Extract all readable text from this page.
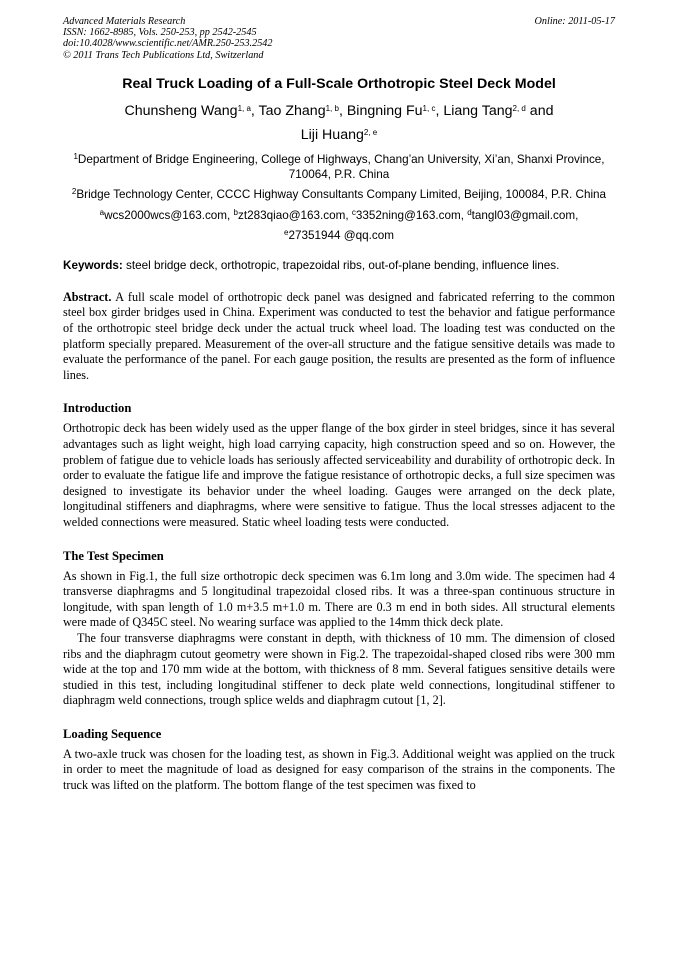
Advanced Materials Research
ISSN: 1662-8985, Vols. 250-253, pp 2542-2545
doi:10.4028/www.scientific.net/AMR.250-253.2542
© 2011 Trans Tech Publications Ltd, Switzerland
Online: 2011-05-17
Real Truck Loading of a Full-Scale Orthotropic Steel Deck Model
Chunsheng Wang$^{1, a}$, Tao Zhang$^{1, b}$, Bingning Fu$^{1, c}$, Liang Tang$^{2, d}$ and
Liji Huang$^{2, e}$
$^1$Department of Bridge Engineering, College of Highways, Chang’an University, Xi’an, Shanxi Province, 710064, P.R. China
$^2$Bridge Technology Center, CCCC Highway Consultants Company Limited, Beijing, 100084, P.R. China
$^a$wcs2000wcs@163.com, $^b$zt283qiao@163.com, $^c$3352ning@163.com, $^d$tangl03@gmail.com,
$^e$27351944 @qq.com
Keywords: steel bridge deck, orthotropic, trapezoidal ribs, out-of-plane bending, influence lines.
Abstract. A full scale model of orthotropic deck panel was designed and fabricated referring to the common steel box girder bridges used in China. Experiment was conducted to test the behavior and fatigue performance of the orthotropic steel bridge deck under the actual truck wheel load. The loading test was conducted on the platform specially prepared. Measurement of the over-all structure and the fatigue sensitive details was made to evaluate the performance of the panel. For each gauge position, the results are presented as the form of influence lines.
Introduction

Orthotropic deck has been widely used as the upper flange of the box girder in steel bridges, since it has several advantages such as light weight, high load carrying capacity, high construction speed and so on. However, the problem of fatigue due to vehicle loads has seriously affected serviceability and durability of orthotropic deck. In order to evaluate the fatigue life and improve the fatigue resistance of orthotropic decks, a full size specimen was designed to investigate its behavior under the wheel loading. Gauges were arranged on the deck plate, longitudinal stiffeners and diaphragms, where were sensitive to fatigue. Thus the local stresses adjacent to the welded connections were measured. Static wheel loading tests were conducted.

The Test Specimen

As shown in Fig.1, the full size orthotropic deck specimen was 6.1m long and 3.0m wide. The specimen had 4 transverse diaphragms and 5 longitudinal trapezoidal closed ribs. It was a three-span continuous structure in longitude, with span length of 1.0 m+3.5 m+1.0 m. There are 0.3 m end in both sides. All structural elements were made of Q345C steel. No wearing surface was applied to the 14mm thick deck plate.

The four transverse diaphragms were constant in depth, with thickness of 10 mm. The dimension of closed ribs and the diaphragm cutout geometry were shown in Fig.2. The trapezoidal-shaped closed ribs were 300 mm wide at the top and 170 mm wide at the bottom, with thickness of 8 mm. Several fatigues sensitive details were studied in this test, including longitudinal stiffener to deck plate weld connections, longitudinal stiffener to diaphragm weld connections, trough splice welds and diaphragm cutout [1, 2].

Loading Sequence

A two-axle truck was chosen for the loading test, as shown in Fig.3. Additional weight was applied on the truck in order to meet the magnitude of load as designed for easy comparison of the strains in the components. The truck was lifted on the platform. The bottom flange of the test specimen was fixed to
